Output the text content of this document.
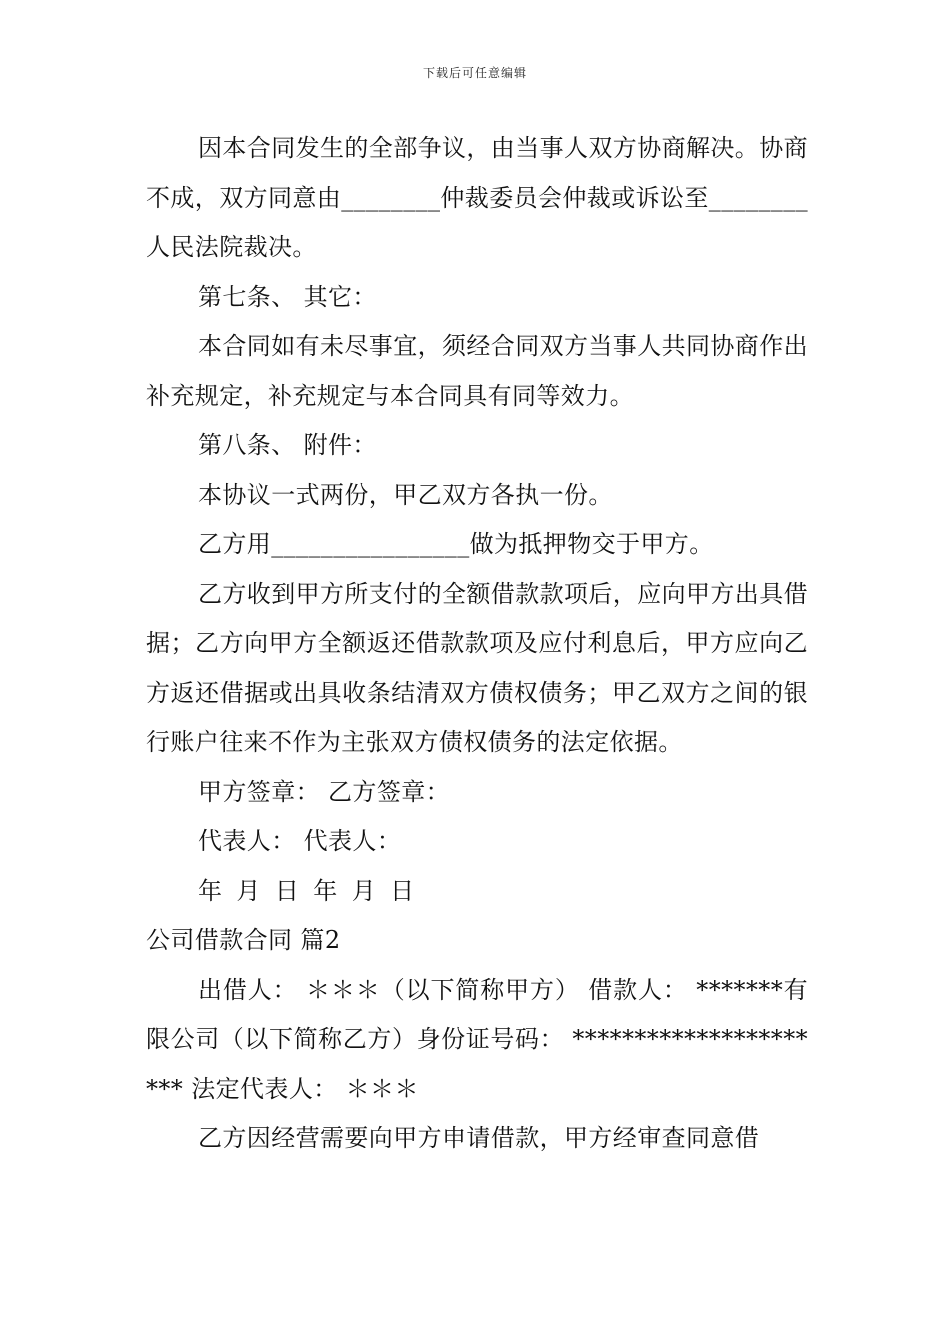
下载后可任意编辑

因本合同发生的全部争议，由当事人双方协商解决。协商不成，双方同意由________仲裁委员会仲裁或诉讼至________人民法院裁决。

第七条、 其它：

本合同如有未尽事宜，须经合同双方当事人共同协商作出补充规定，补充规定与本合同具有同等效力。

第八条、 附件：

本协议一式两份，甲乙双方各执一份。

乙方用________________做为抵押物交于甲方。

乙方收到甲方所支付的全额借款款项后，应向甲方出具借据；乙方向甲方全额返还借款款项及应付利息后，甲方应向乙方返还借据或出具收条结清双方债权债务；甲乙双方之间的银行账户往来不作为主张双方债权债务的法定依据。

甲方签章： 乙方签章：

代表人： 代表人：

年 月 日 年 月 日

公司借款合同 篇2

出借人： ＊＊＊（以下简称甲方） 借款人： *******有限公司（以下简称乙方）身份证号码： ********************** 法定代表人： ＊＊＊

乙方因经营需要向甲方申请借款，甲方经审查同意借
